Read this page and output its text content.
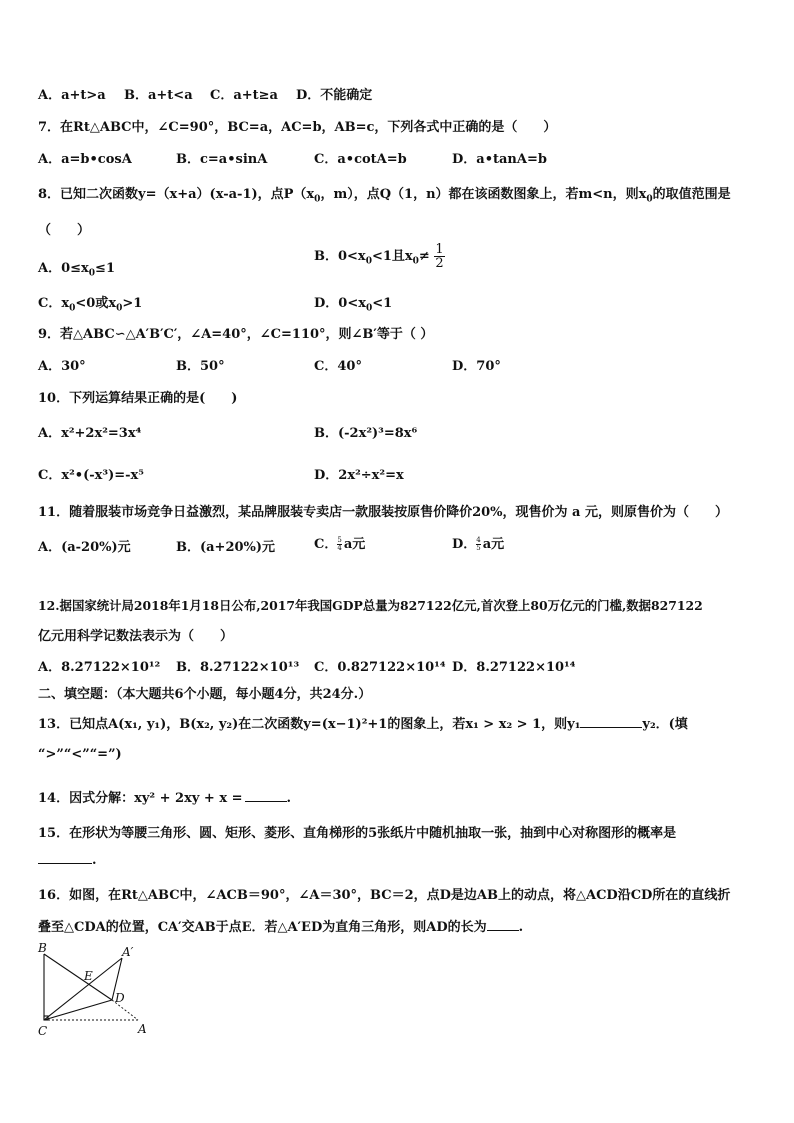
A．a+t>a B．a+t<a C．a+t≥a D．不能确定
7．在Rt△ABC中，∠C=90°，BC=a，AC=b，AB=c，下列各式中正确的是（　　）
A．a=b•cosA	B．c=a•sinA	C．a•cotA=b	D．a•tanA=b
8．已知二次函数y=（x+a）(x-a-1)，点$P(x_0$，m），点Q（1，n）都在该函数图象上，若m<n，则$x_0$的取值范围是
（　　）
A．$0\le x_0\le 1$
B．$0<x_0<1$且$x_0\ne \frac{1}{2}$
C．$x_0<0$或$x_0>1$	D．$0<x_0<1$
9．若△ABC∽△A′B′C′，∠A=40°，∠C=110°，则∠B′等于（ ）
A．30°	B．50°	C．40°	D．70°
10．下列运算结果正确的是(　　)
A．x²+2x²=3x⁴	B．(-2x²)³=8x⁶
C．x²•(-x³)=-x⁵	D．2x²÷x²=x
11．随着服装市场竞争日益激烈，某品牌服装专卖店一款服装按原售价降价20%，现售价为 a 元，则原售价为（　　）
A．(a-20%)元	B．(a+20%)元	C． $\frac{5}{4}$ a元	D． $\frac{4}{5}$ a元
12.据国家统计局2018年1月18日公布,2017年我国GDP总量为827122亿元,首次登上80万亿元的门槛,数据827122
亿元用科学记数法表示为（　　）
A．8.27122×10¹² B．8.27122×10¹³ C．0.827122×10¹⁴ D．8.27122×10¹⁴
二、填空题：（本大题共6个小题，每小题4分，共24分.）
13．已知点A(x₁, y₁)，B(x₂, y₂)在二次函数y=(x−1)²+1的图象上，若x₁ > x₂ > 1，则y₁	y₂．(填
“>”“<”“=”)
14．因式分解：xy² + 2xy + x =	.
15．在形状为等腰三角形、圆、矩形、菱形、直角梯形的5张纸片中随机抽取一张，抽到中心对称图形的概率是
.
16．如图，在Rt△ABC中，∠ACB＝90°，∠A＝30°，BC＝2，点D是边AB上的动点，将△ACD沿CD所在的直线折
叠至△CDA的位置，CA′交AB于点E．若△A′ED为直角三角形，则AD的长为 .
B	A′
E
D
C	A
